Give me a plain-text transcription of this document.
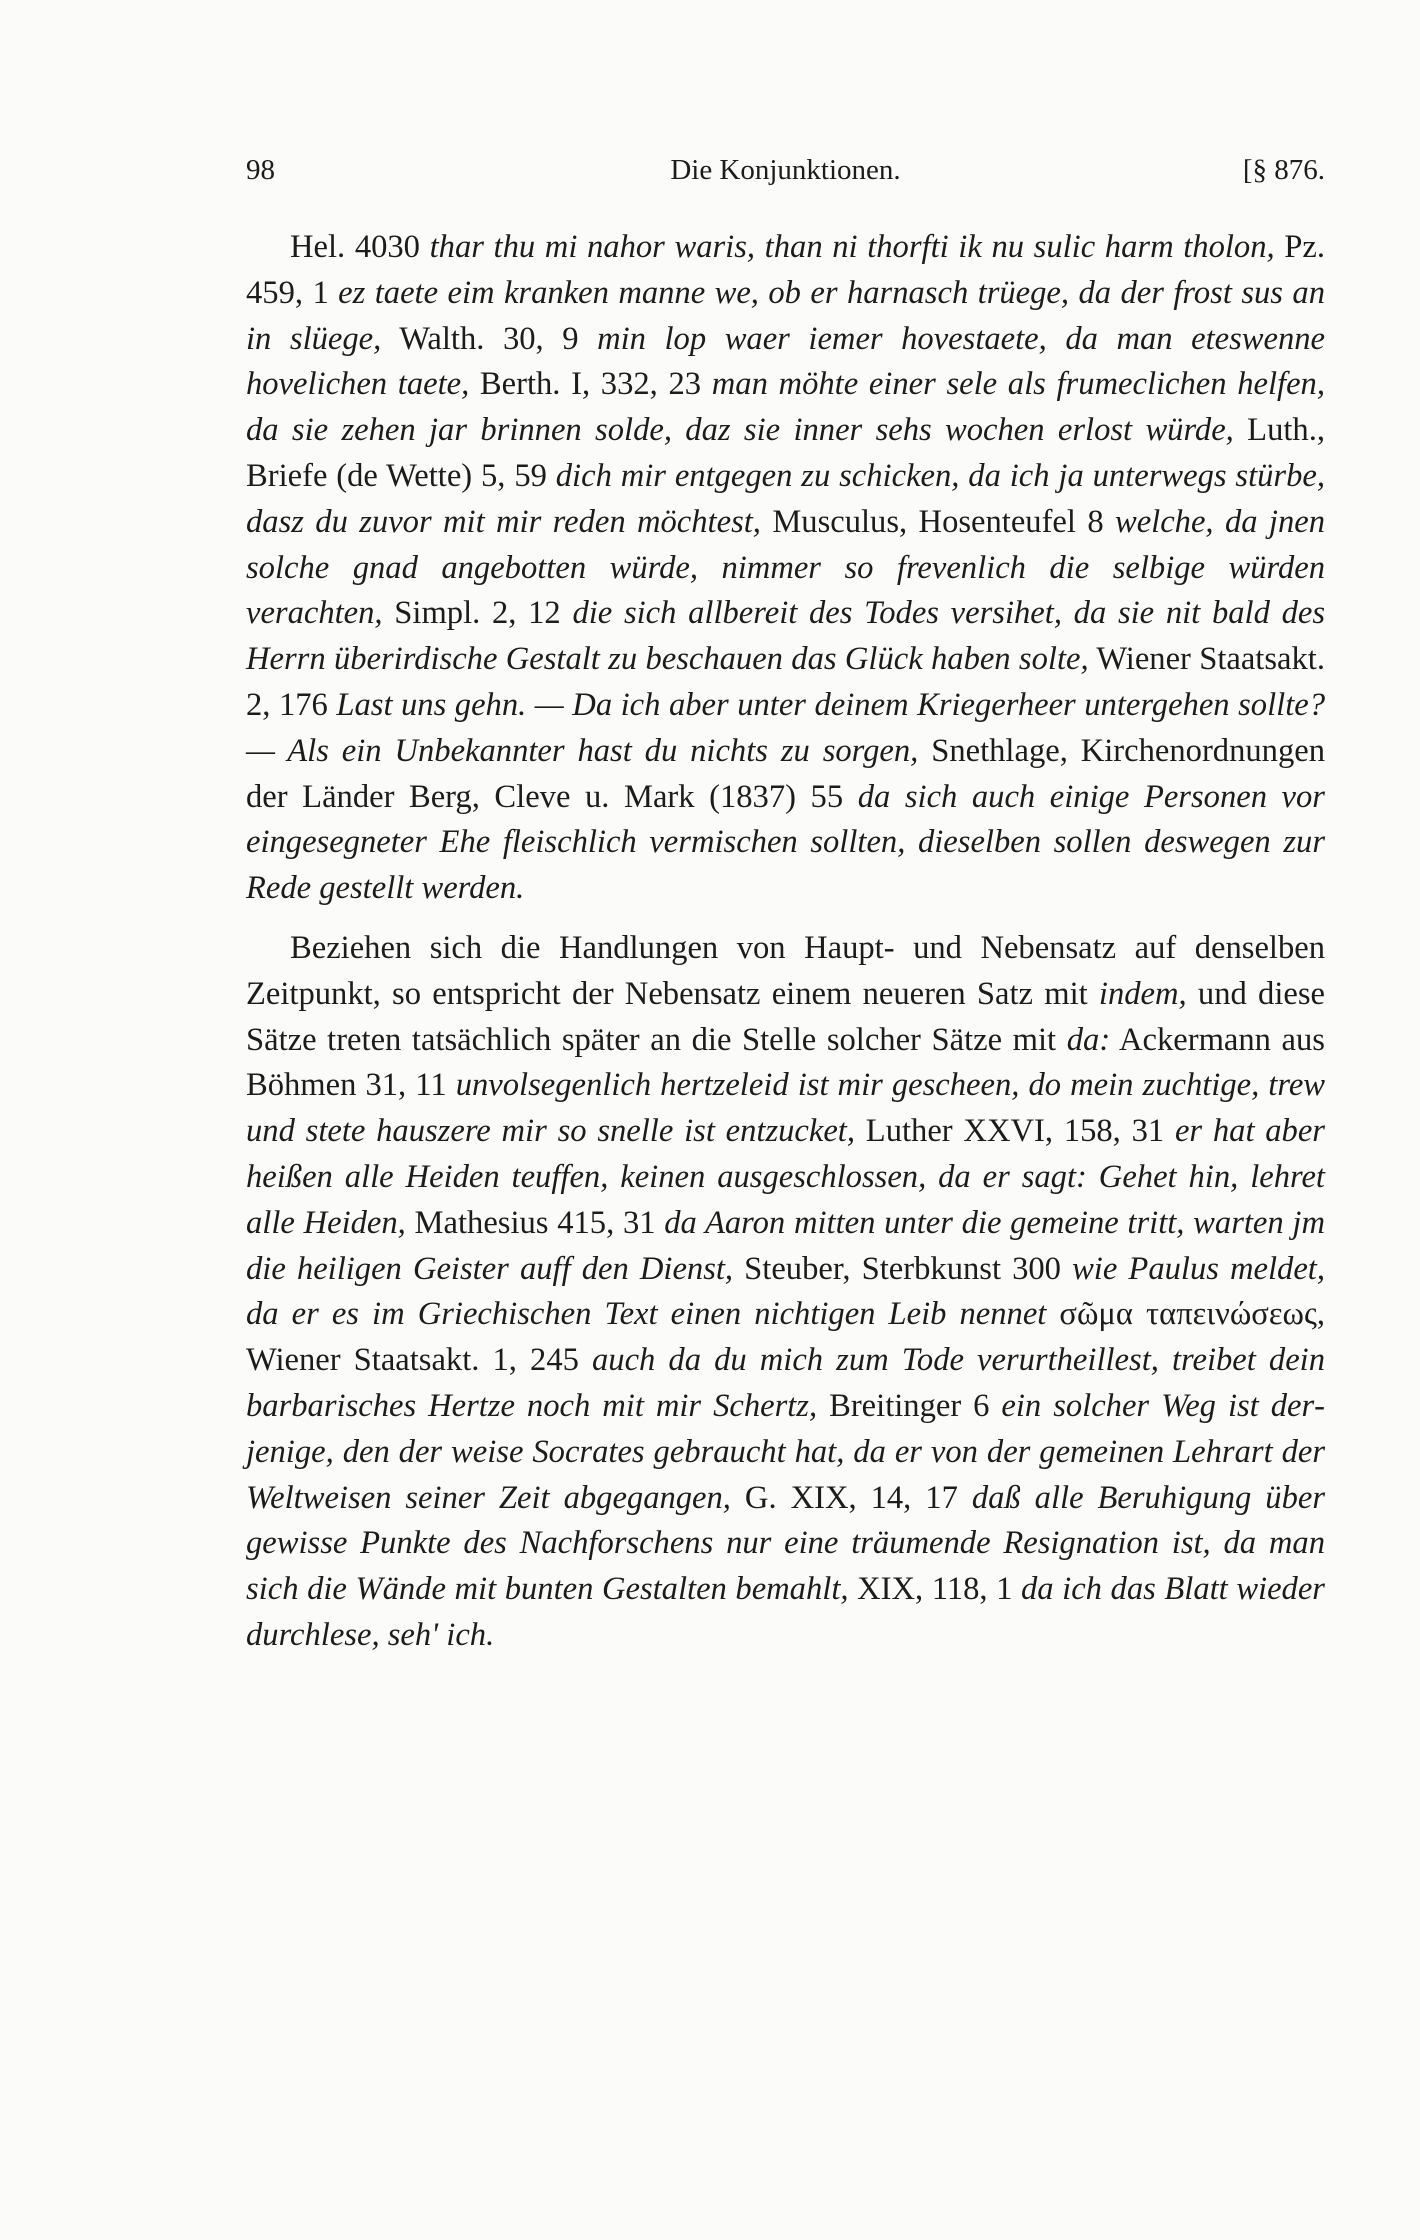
98	Die Konjunktionen.	[§ 876.

Hel. 4030 thar thu mi nahor waris, than ni thorfti ik nu sulic harm tholon, Pz. 459, 1 ez taete eim kranken manne we, ob er harnasch trüege, da der frost sus an in slüege, Walth. 30, 9 min lop waer iemer hovestaete, da man eteswenne hovelichen taete, Berth. I, 332, 23 man möhte einer sele als frumeclichen helfen, da sie zehen jar brinnen solde, daz sie inner sehs wochen erlost würde, Luth., Briefe (de Wette) 5, 59 dich mir entgegen zu schicken, da ich ja unterwegs stürbe, dasz du zuvor mit mir reden möchtest, Musculus, Hosenteufel 8 welche, da jnen solche gnad angebotten würde, nimmer so frevenlich die selbige würden verachten, Simpl. 2, 12 die sich allbereit des Todes versihet, da sie nit bald des Herrn überirdische Gestalt zu beschauen das Glück haben solte, Wiener Staatsakt. 2, 176 Last uns gehn. — Da ich aber unter deinem Kriegerheer untergehen sollte? — Als ein Unbekannter hast du nichts zu sorgen, Snethlage, Kirchenordnungen der Länder Berg, Cleve u. Mark (1837) 55 da sich auch einige Personen vor eingesegneter Ehe fleischlich vermischen sollten, dieselben sollen deswegen zur Rede gestellt werden.

Beziehen sich die Handlungen von Haupt- und Nebensatz auf denselben Zeitpunkt, so entspricht der Nebensatz einem neueren Satz mit indem, und diese Sätze treten tatsächlich später an die Stelle solcher Sätze mit da: Ackermann aus Böhmen 31, 11 unvolsegenlich hertzeleid ist mir gescheen, do mein zuchtige, trew und stete hauszere mir so snelle ist entzucket, Luther XXVI, 158, 31 er hat aber heißen alle Heiden teuffen, keinen ausgeschlossen, da er sagt: Gehet hin, lehret alle Heiden, Mathesius 415, 31 da Aaron mitten unter die gemeine tritt, warten jm die heiligen Geister auff den Dienst, Steuber, Sterbkunst 300 wie Paulus meldet, da er es im Griechischen Text einen nichtigen Leib nennet σῶμα ταπεινώσεως, Wiener Staatsakt. 1, 245 auch da du mich zum Tode verurtheillest, treibet dein barbarisches Hertze noch mit mir Schertz, Breitinger 6 ein solcher Weg ist derjenige, den der weise Socrates gebraucht hat, da er von der gemeinen Lehrart der Weltweisen seiner Zeit abgegangen, G. XIX, 14, 17 daß alle Beruhigung über gewisse Punkte des Nachforschens nur eine träumende Resignation ist, da man sich die Wände mit bunten Gestalten bemahlt, XIX, 118, 1 da ich das Blatt wieder durchlese, seh' ich.
